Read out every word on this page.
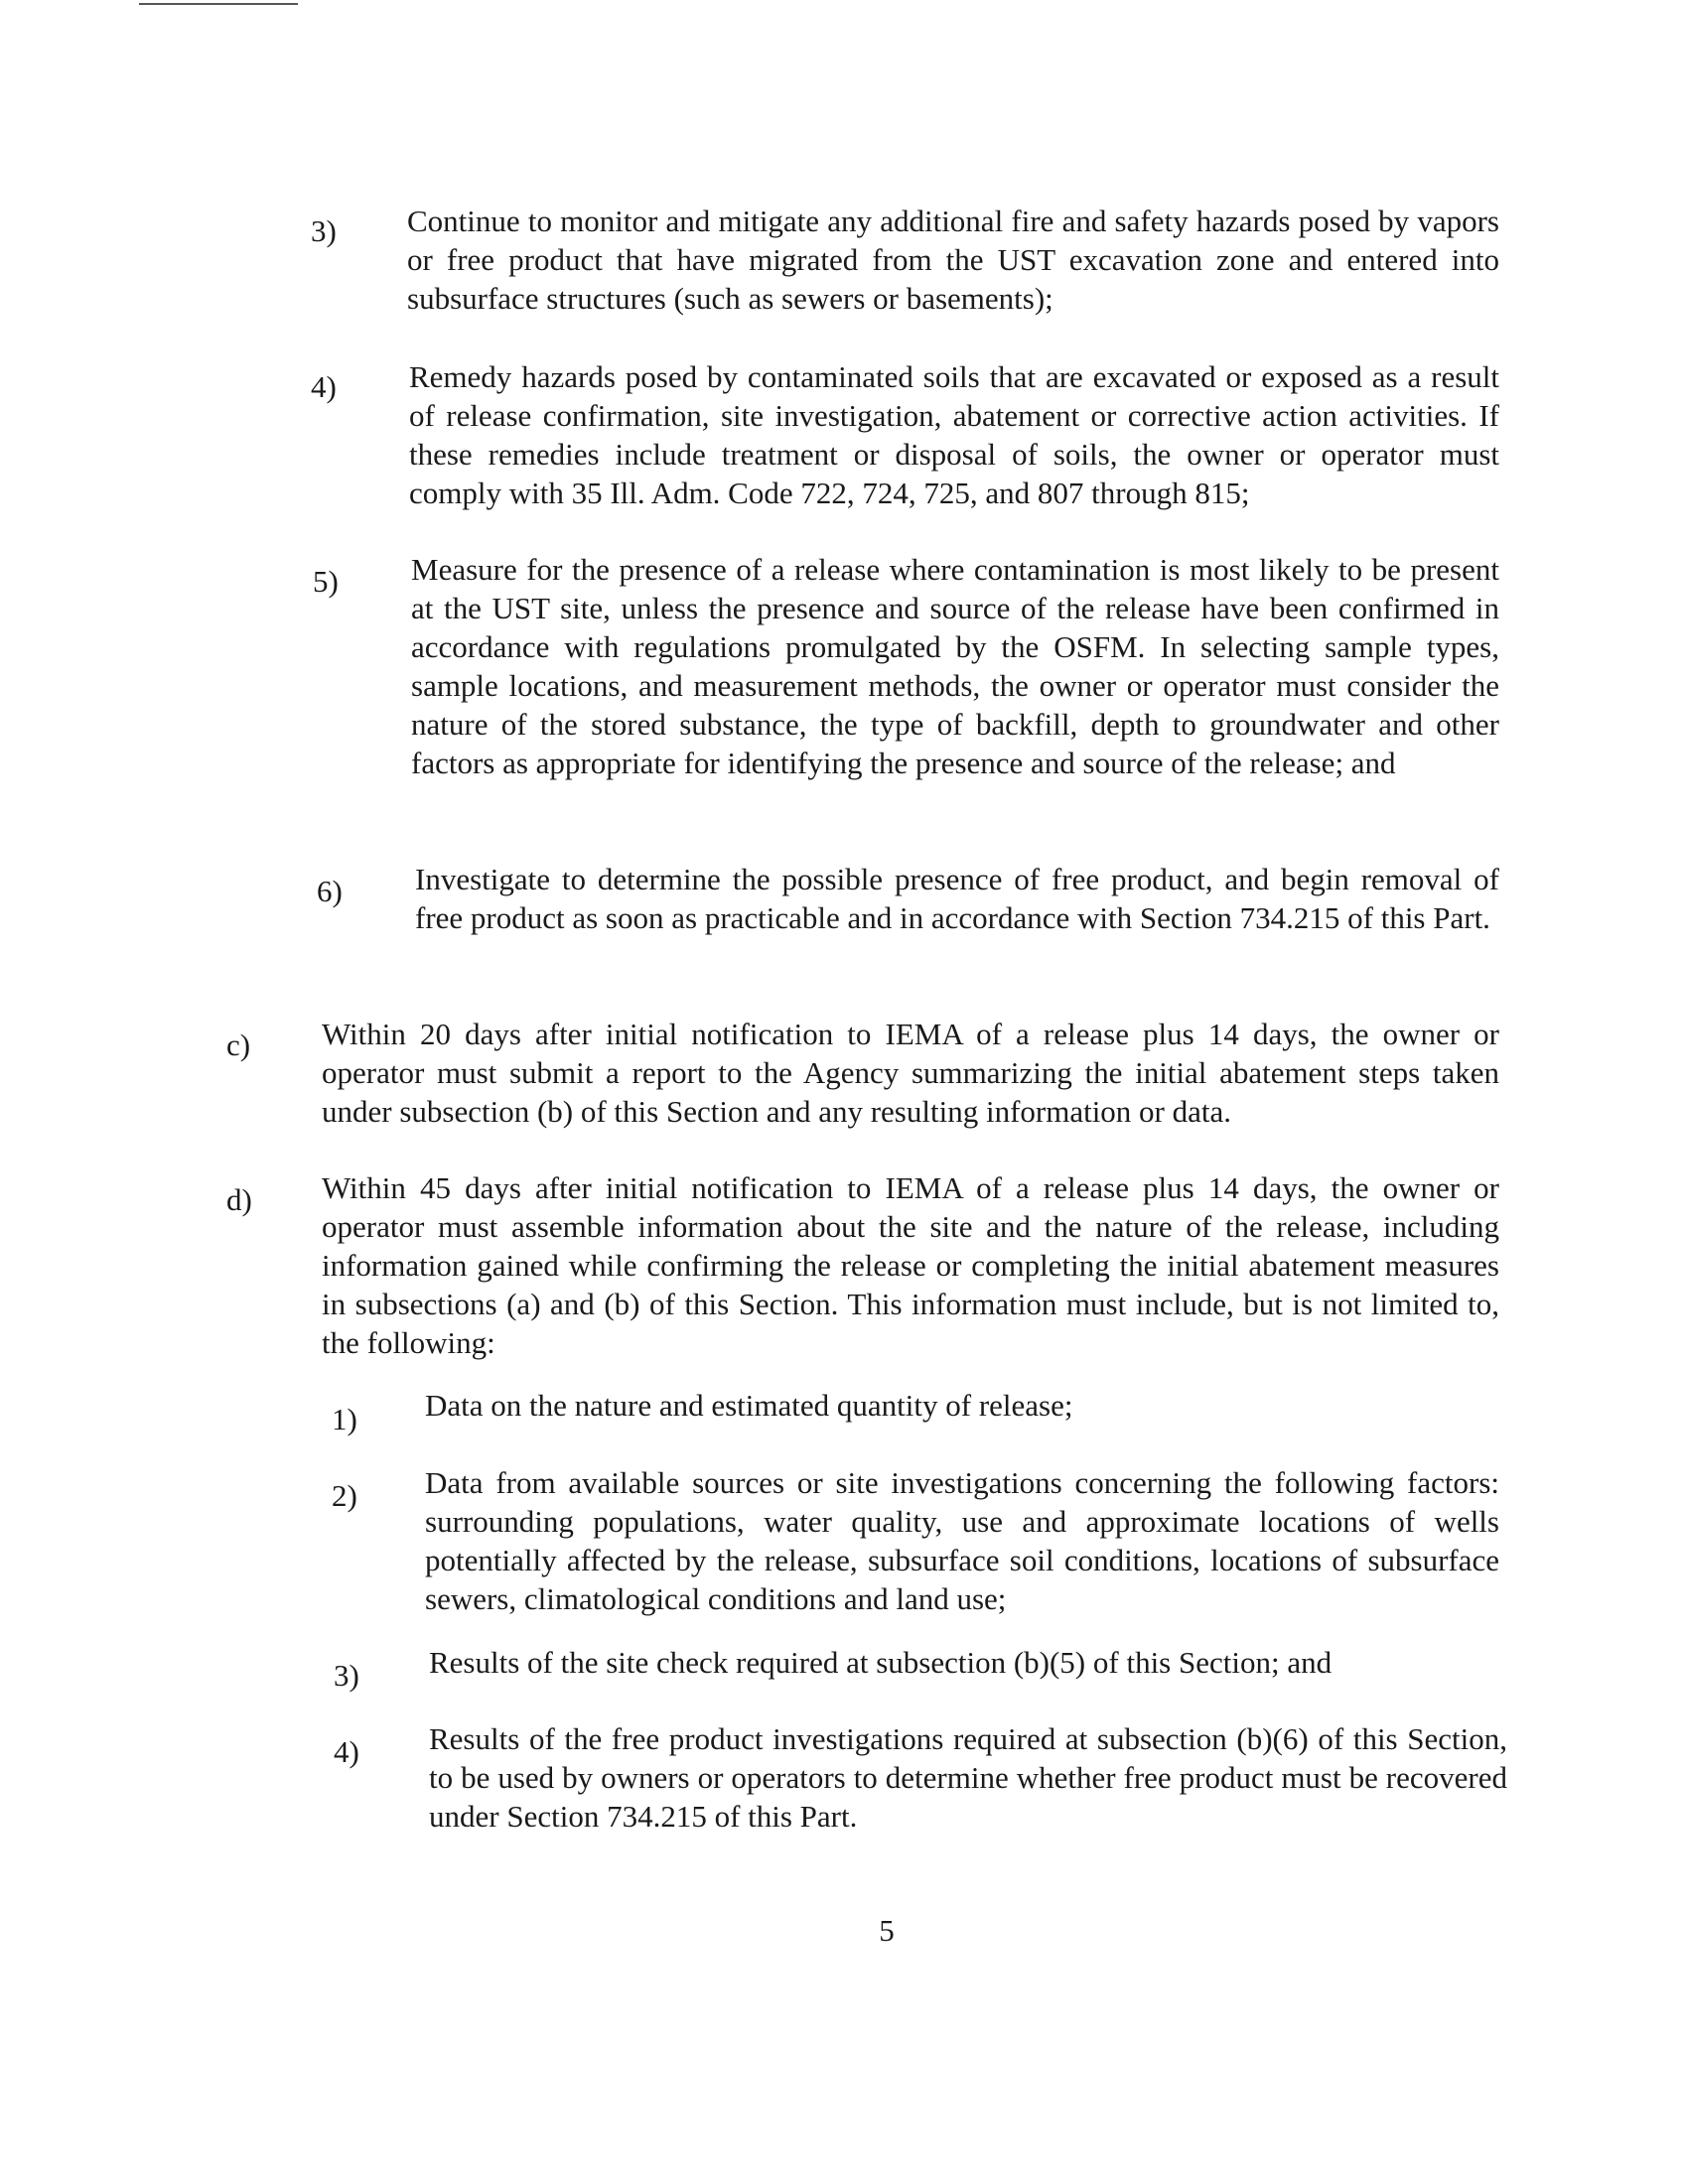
3) Continue to monitor and mitigate any additional fire and safety hazards posed by vapors or free product that have migrated from the UST excavation zone and entered into subsurface structures (such as sewers or basements);
4) Remedy hazards posed by contaminated soils that are excavated or exposed as a result of release confirmation, site investigation, abatement or corrective action activities. If these remedies include treatment or disposal of soils, the owner or operator must comply with 35 Ill. Adm. Code 722, 724, 725, and 807 through 815;
5) Measure for the presence of a release where contamination is most likely to be present at the UST site, unless the presence and source of the release have been confirmed in accordance with regulations promulgated by the OSFM. In selecting sample types, sample locations, and measurement methods, the owner or operator must consider the nature of the stored substance, the type of backfill, depth to groundwater and other factors as appropriate for identifying the presence and source of the release; and
6) Investigate to determine the possible presence of free product, and begin removal of free product as soon as practicable and in accordance with Section 734.215 of this Part.
c) Within 20 days after initial notification to IEMA of a release plus 14 days, the owner or operator must submit a report to the Agency summarizing the initial abatement steps taken under subsection (b) of this Section and any resulting information or data.
d) Within 45 days after initial notification to IEMA of a release plus 14 days, the owner or operator must assemble information about the site and the nature of the release, including information gained while confirming the release or completing the initial abatement measures in subsections (a) and (b) of this Section. This information must include, but is not limited to, the following:
1) Data on the nature and estimated quantity of release;
2) Data from available sources or site investigations concerning the following factors: surrounding populations, water quality, use and approximate locations of wells potentially affected by the release, subsurface soil conditions, locations of subsurface sewers, climatological conditions and land use;
3) Results of the site check required at subsection (b)(5) of this Section; and
4) Results of the free product investigations required at subsection (b)(6) of this Section, to be used by owners or operators to determine whether free product must be recovered under Section 734.215 of this Part.
5
